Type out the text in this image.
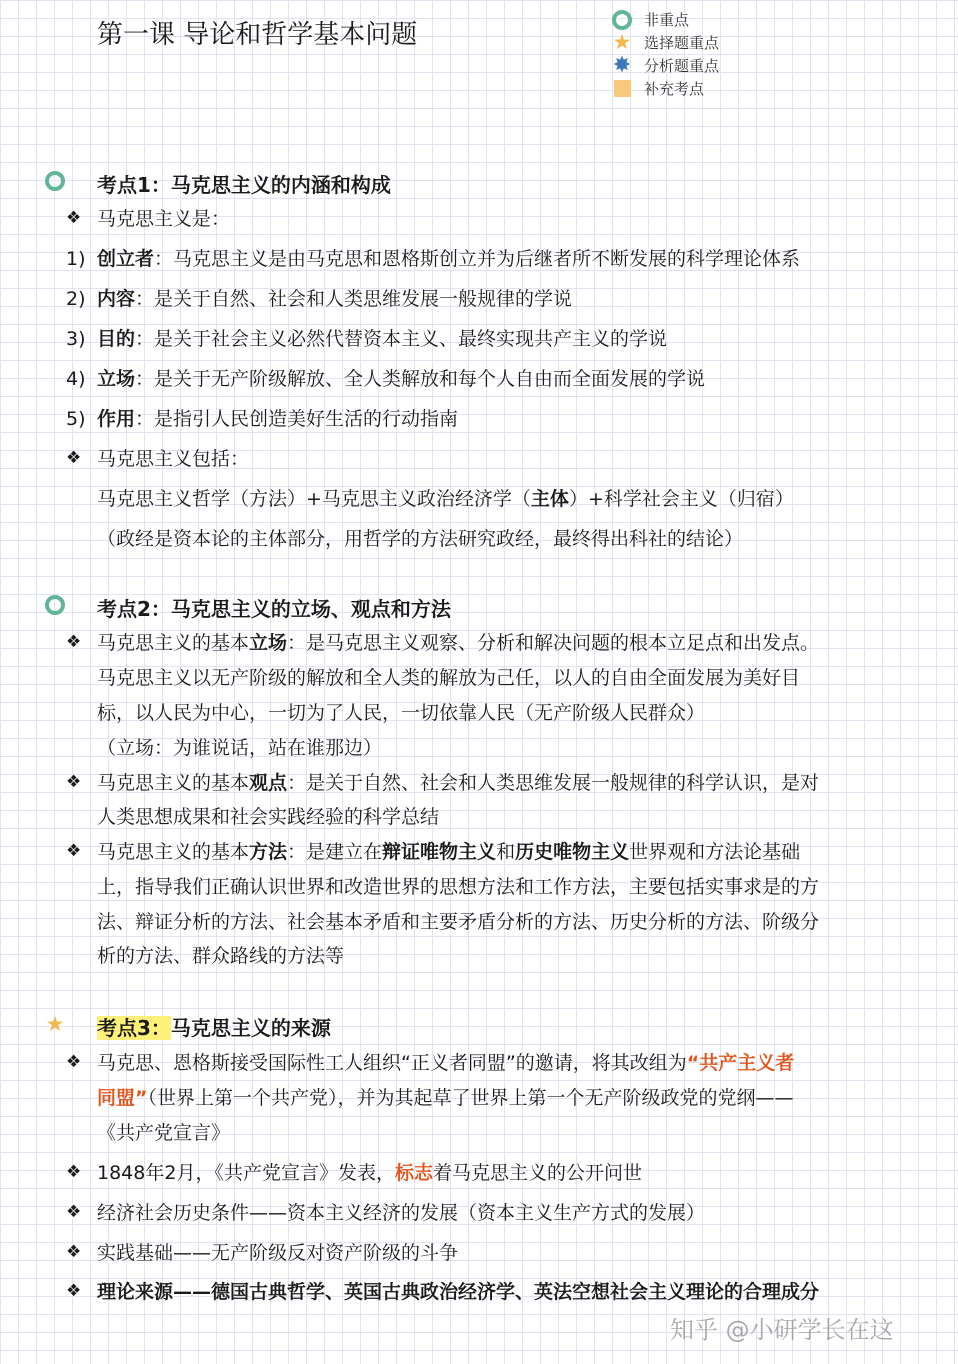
第一课 导论和哲学基本问题	非重点
★ 选择题重点
✸ 分析题重点
补充考点
考点1：马克思主义的内涵和构成
❖ 马克思主义是：
1) 创立者：马克思主义是由马克思和恩格斯创立并为后继者所不断发展的科学理论体系
2) 内容：是关于自然、社会和人类思维发展一般规律的学说
3) 目的：是关于社会主义必然代替资本主义、最终实现共产主义的学说
4) 立场：是关于无产阶级解放、全人类解放和每个人自由而全面发展的学说
5) 作用：是指引人民创造美好生活的行动指南
❖ 马克思主义包括：
马克思主义哲学（方法）+马克思主义政治经济学（主体）+科学社会主义（归宿）
（政经是资本论的主体部分，用哲学的方法研究政经，最终得出科社的结论）
考点2：马克思主义的立场、观点和方法
❖ 马克思主义的基本立场：是马克思主义观察、分析和解决问题的根本立足点和出发点。
马克思主义以无产阶级的解放和全人类的解放为己任，以人的自由全面发展为美好目
标，以人民为中心，一切为了人民，一切依靠人民（无产阶级人民群众）
（立场：为谁说话，站在谁那边）
❖ 马克思主义的基本观点：是关于自然、社会和人类思维发展一般规律的科学认识，是对
人类思想成果和社会实践经验的科学总结
❖ 马克思主义的基本方法：是建立在辩证唯物主义和历史唯物主义世界观和方法论基础
上，指导我们正确认识世界和改造世界的思想方法和工作方法，主要包括实事求是的方
法、辩证分析的方法、社会基本矛盾和主要矛盾分析的方法、历史分析的方法、阶级分
析的方法、群众路线的方法等
★ 考点3：马克思主义的来源
❖ 马克思、恩格斯接受国际性工人组织“正义者同盟”的邀请，将其改组为“共产主义者
同盟”（世界上第一个共产党），并为其起草了世界上第一个无产阶级政党的党纲——
《共产党宣言》
❖ 1848年2月，《共产党宣言》发表，标志着马克思主义的公开问世
❖ 经济社会历史条件——资本主义经济的发展（资本主义生产方式的发展）
❖ 实践基础——无产阶级反对资产阶级的斗争
❖ 理论来源——德国古典哲学、英国古典政治经济学、英法空想社会主义理论的合理成分
知乎 @小研学长在这
